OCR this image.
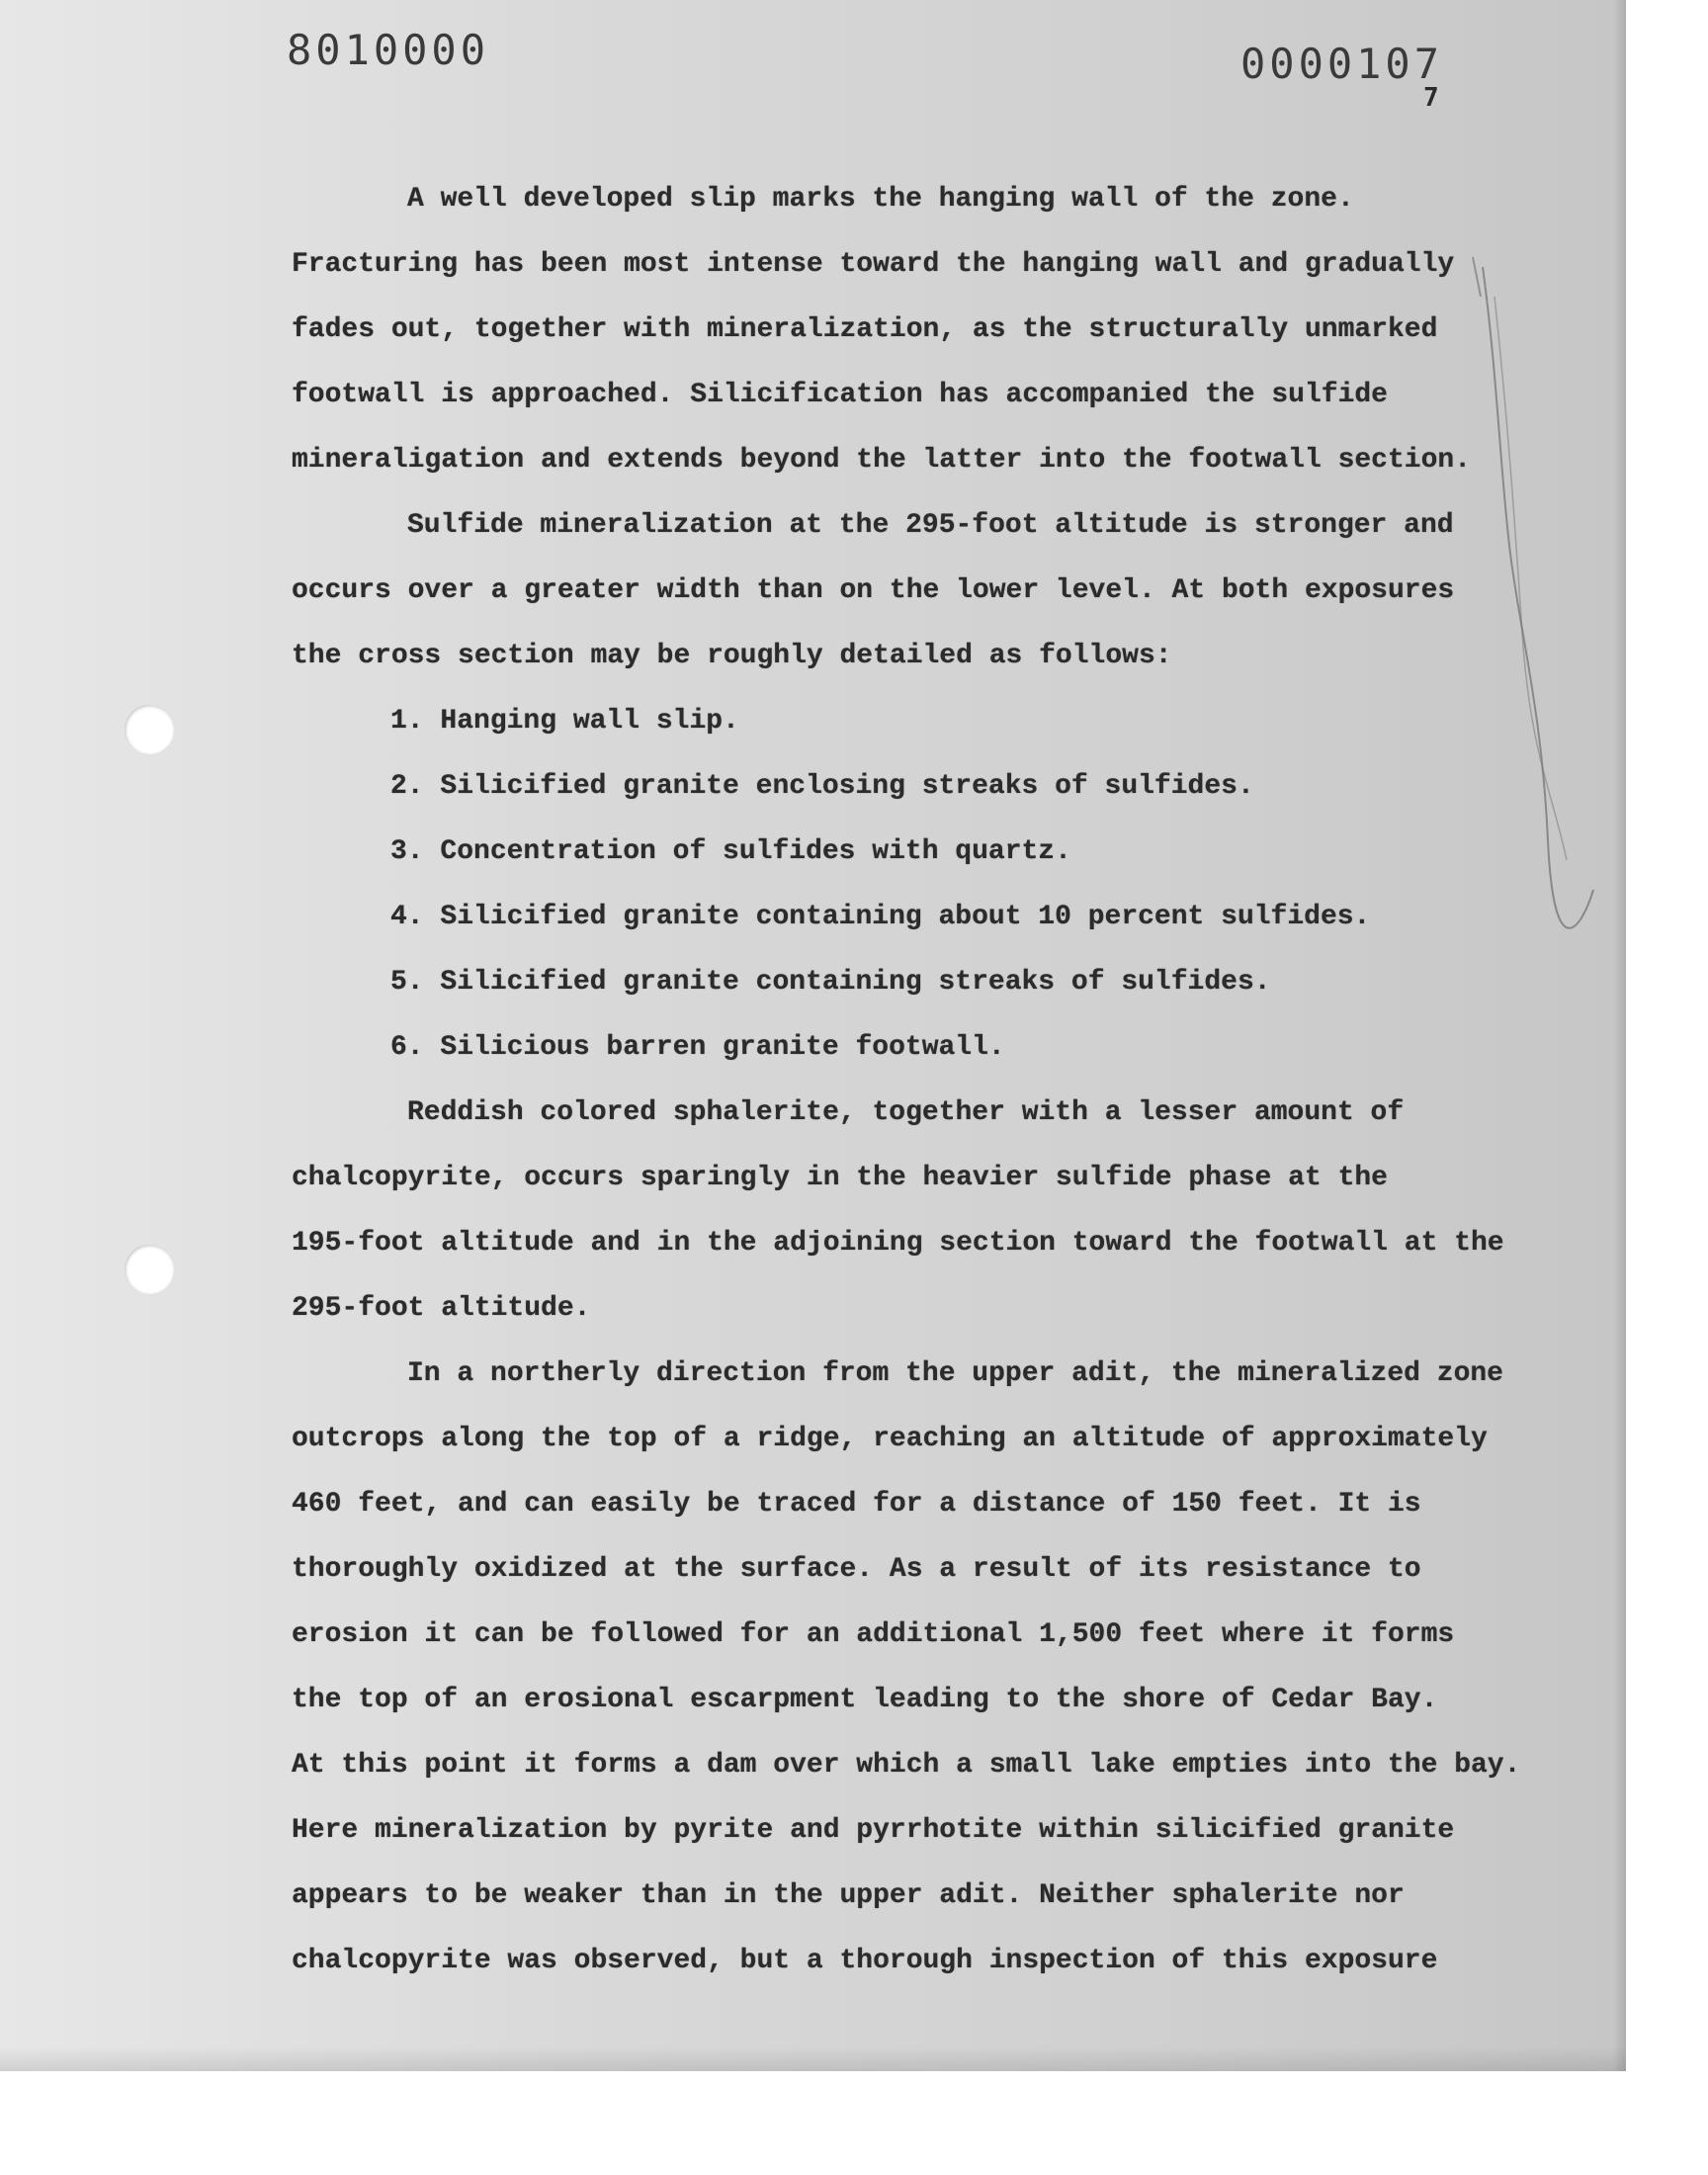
8010000	0000107
7
A well developed slip marks the hanging wall of the zone.
Fracturing has been most intense toward the hanging wall and gradually
fades out, together with mineralization, as the structurally unmarked
footwall is approached. Silicification has accompanied the sulfide
mineraligation and extends beyond the latter into the footwall section.
Sulfide mineralization at the 295-foot altitude is stronger and
occurs over a greater width than on the lower level. At both exposures
the cross section may be roughly detailed as follows:
1. Hanging wall slip.
2. Silicified granite enclosing streaks of sulfides.
3. Concentration of sulfides with quartz.
4. Silicified granite containing about 10 percent sulfides.
5. Silicified granite containing streaks of sulfides.
6. Silicious barren granite footwall.
Reddish colored sphalerite, together with a lesser amount of
chalcopyrite, occurs sparingly in the heavier sulfide phase at the
195-foot altitude and in the adjoining section toward the footwall at the
295-foot altitude.
In a northerly direction from the upper adit, the mineralized zone
outcrops along the top of a ridge, reaching an altitude of approximately
460 feet, and can easily be traced for a distance of 150 feet. It is
thoroughly oxidized at the surface. As a result of its resistance to
erosion it can be followed for an additional 1,500 feet where it forms
the top of an erosional escarpment leading to the shore of Cedar Bay.
At this point it forms a dam over which a small lake empties into the bay.
Here mineralization by pyrite and pyrrhotite within silicified granite
appears to be weaker than in the upper adit. Neither sphalerite nor
chalcopyrite was observed, but a thorough inspection of this exposure
